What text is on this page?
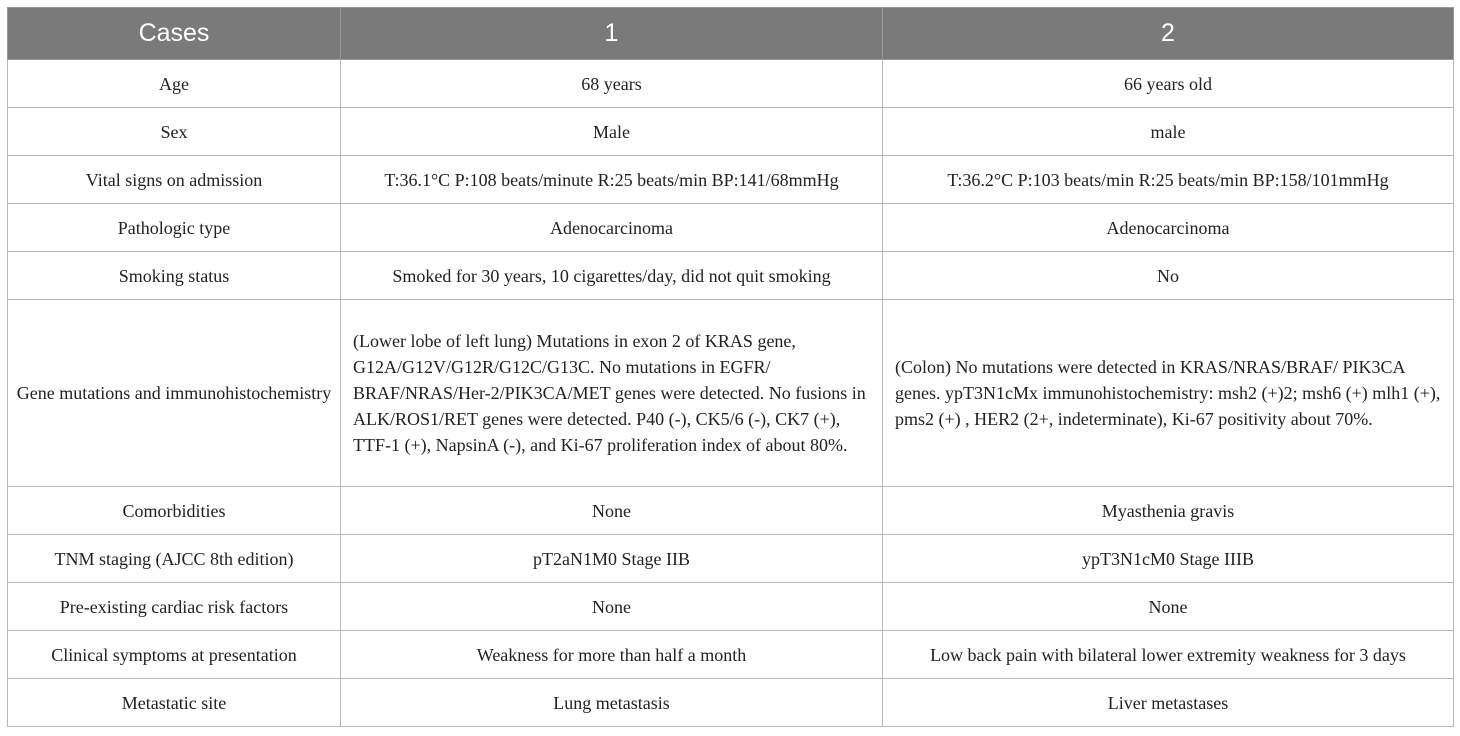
Cases	1	2
Age	68 years	66 years old
Sex	Male	male
Vital signs on admission	T:36.1°C P:108 beats/minute R:25 beats/min BP:141/68mmHg	T:36.2°C P:103 beats/min R:25 beats/min BP:158/101mmHg
Pathologic type	Adenocarcinoma	Adenocarcinoma
Smoking status	Smoked for 30 years, 10 cigarettes/day, did not quit smoking	No
Gene mutations and immunohistochemistry	(Lower lobe of left lung) Mutations in exon 2 of KRAS gene, G12A/G12V/G12R/G12C/G13C. No mutations in EGFR/ BRAF/NRAS/Her-2/PIK3CA/MET genes were detected. No fusions in ALK/ROS1/RET genes were detected. P40 (-), CK5/6 (-), CK7 (+), TTF-1 (+), NapsinA (-), and Ki-67 proliferation index of about 80%.	(Colon) No mutations were detected in KRAS/NRAS/BRAF/ PIK3CA genes. ypT3N1cMx immunohistochemistry: msh2 (+)2; msh6 (+) mlh1 (+), pms2 (+) , HER2 (2+, indeterminate), Ki-67 positivity about 70%.
Comorbidities	None	Myasthenia gravis
TNM staging (AJCC 8th edition)	pT2aN1M0 Stage IIB	ypT3N1cM0 Stage IIIB
Pre-existing cardiac risk factors	None	None
Clinical symptoms at presentation	Weakness for more than half a month	Low back pain with bilateral lower extremity weakness for 3 days
Metastatic site	Lung metastasis	Liver metastases
